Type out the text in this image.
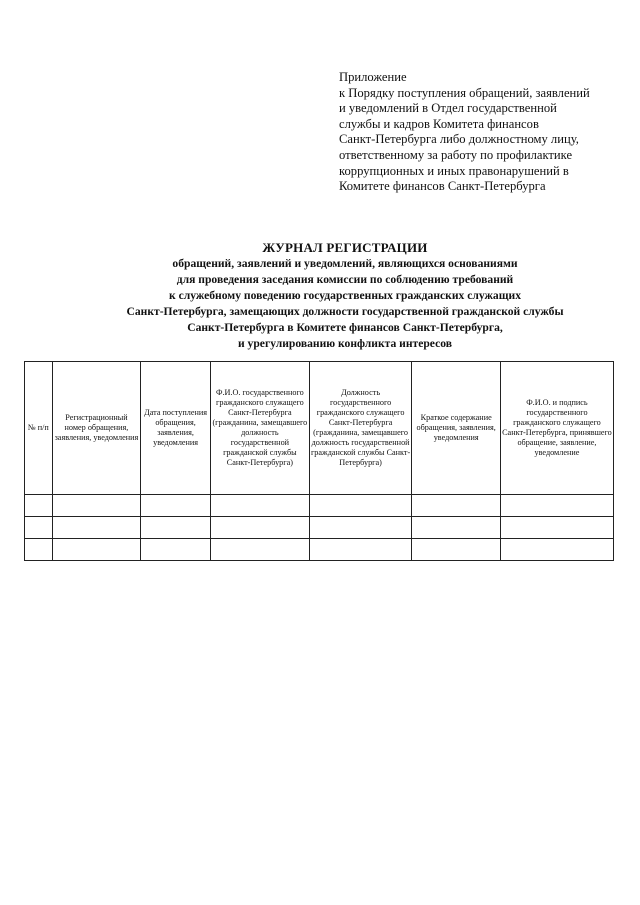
Приложение
к Порядку поступления обращений, заявлений
и уведомлений в Отдел государственной
службы и кадров Комитета финансов
Санкт-Петербурга либо должностному лицу,
ответственному за работу по профилактике
коррупционных и иных правонарушений в
Комитете финансов Санкт-Петербурга
ЖУРНАЛ РЕГИСТРАЦИИ
обращений, заявлений и уведомлений, являющихся основаниями
для проведения заседания комиссии по соблюдению требований
к служебному поведению государственных гражданских служащих
Санкт-Петербурга, замещающих должности государственной гражданской службы
Санкт-Петербурга в Комитете финансов Санкт-Петербурга,
и урегулированию конфликта интересов
№ п/п	Регистрационный номер обращения, заявления, уведомления	Дата поступления обращения, заявления, уведомления	Ф.И.О. государственного гражданского служащего Санкт-Петербурга (гражданина, замещавшего должность государственной гражданской службы Санкт-Петербурга)	Должность государственного гражданского служащего Санкт-Петербурга (гражданина, замещавшего должность государственной гражданской службы Санкт-Петербурга)	Краткое содержание обращения, заявления, уведомления	Ф.И.О. и подпись государственного гражданского служащего Санкт-Петербурга, принявшего обращение, заявление, уведомление
